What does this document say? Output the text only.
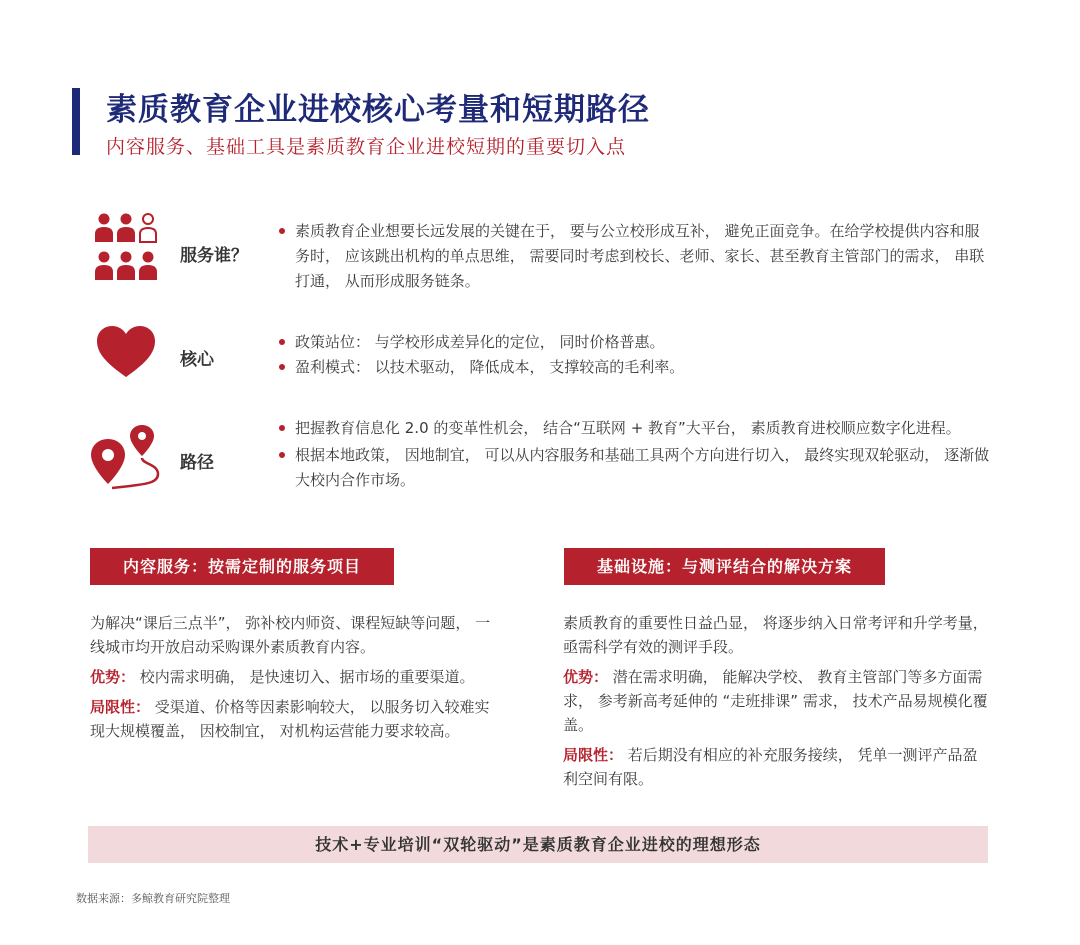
素质教育企业进校核心考量和短期路径
内容服务、基础工具是素质教育企业进校短期的重要切入点
服务谁？
素质教育企业想要长远发展的关键在于， 要与公立校形成互补， 避免正面竞争。在给学校提供内容和服务时， 应该跳出机构的单点思维， 需要同时考虑到校长、老师、家长、甚至教育主管部门的需求， 串联打通， 从而形成服务链条。
核心
政策站位： 与学校形成差异化的定位， 同时价格普惠。
盈利模式： 以技术驱动， 降低成本， 支撑较高的毛利率。
路径
把握教育信息化 2.0 的变革性机会， 结合“互联网 + 教育”大平台， 素质教育进校顺应数字化进程。
根据本地政策， 因地制宜， 可以从内容服务和基础工具两个方向进行切入， 最终实现双轮驱动， 逐渐做大校内合作市场。
内容服务：按需定制的服务项目	基础设施：与测评结合的解决方案

为解决“课后三点半”， 弥补校内师资、课程短缺等问题， 一线城市均开放启动采购课外素质教育内容。

优势： 校内需求明确， 是快速切入、据市场的重要渠道。

局限性： 受渠道、价格等因素影响较大， 以服务切入较难实现大规模覆盖， 因校制宜， 对机构运营能力要求较高。

素质教育的重要性日益凸显， 将逐步纳入日常考评和升学考量， 亟需科学有效的测评手段。

优势： 潜在需求明确， 能解决学校、 教育主管部门等多方面需求， 参考新高考延伸的 “走班排课” 需求， 技术产品易规模化覆盖。

局限性： 若后期没有相应的补充服务接续， 凭单一测评产品盈利空间有限。

技术+专业培训“双轮驱动”是素质教育企业进校的理想形态
数据来源：多鲸教育研究院整理
